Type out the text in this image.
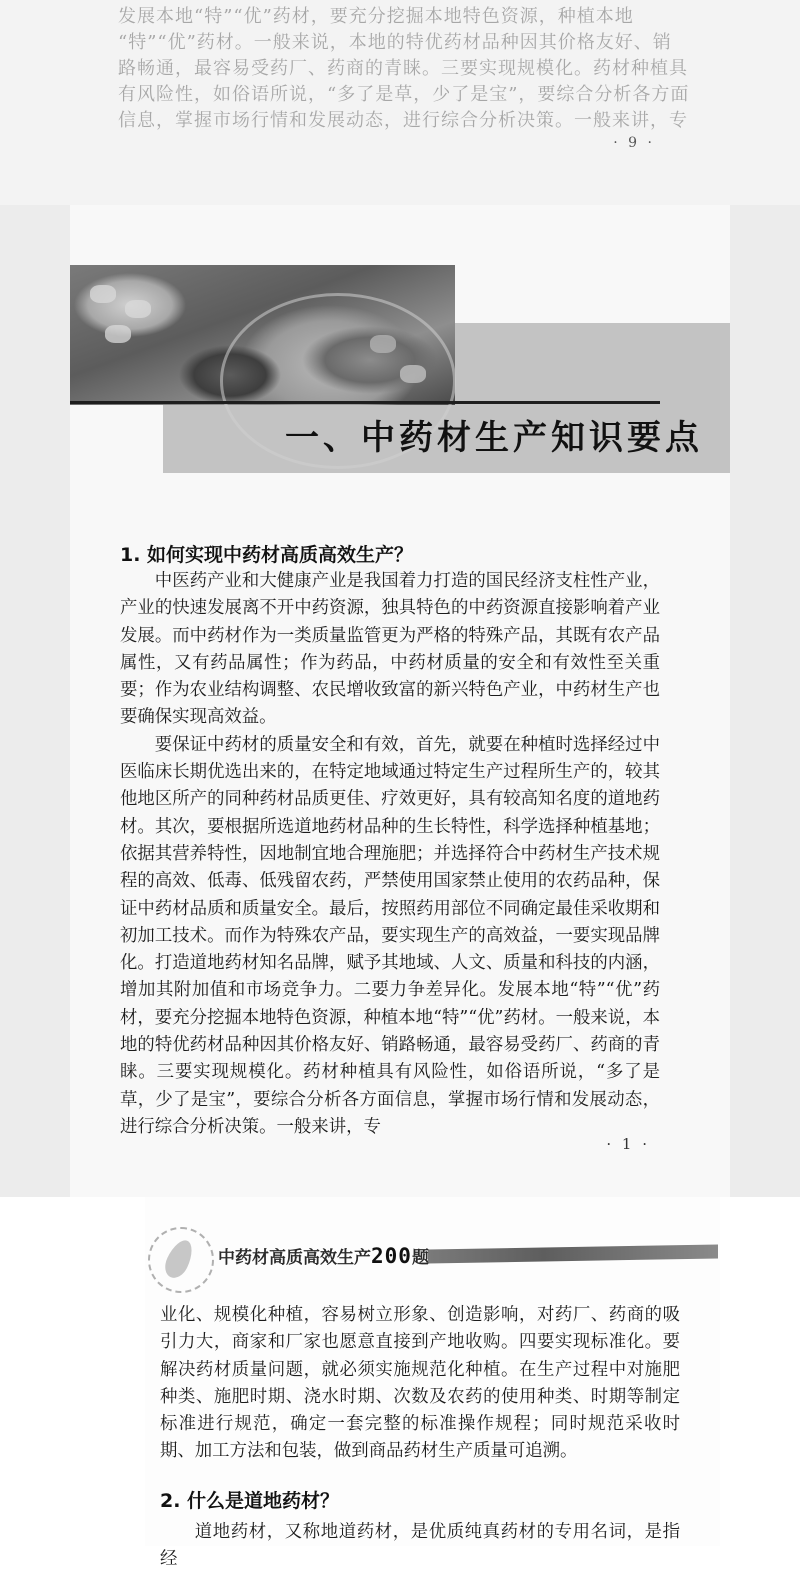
发展本地“特”“优”药材，要充分挖掘本地特色资源，种植本地
“特”“优”药材。一般来说，本地的特优药材品种因其价格友好、销
路畅通，最容易受药厂、药商的青睐。三要实现规模化。药材种植具
有风险性，如俗语所说，“多了是草，少了是宝”，要综合分析各方面
信息，掌握市场行情和发展动态，进行综合分析决策。一般来讲，专
· 9 ·
一、中药材生产知识要点
1. 如何实现中药材高质高效生产？

中医药产业和大健康产业是我国着力打造的国民经济支柱性产业，产业的快速发展离不开中药资源，独具特色的中药资源直接影响着产业发展。而中药材作为一类质量监管更为严格的特殊产品，其既有农产品属性，又有药品属性；作为药品，中药材质量的安全和有效性至关重要；作为农业结构调整、农民增收致富的新兴特色产业，中药材生产也要确保实现高效益。

要保证中药材的质量安全和有效，首先，就要在种植时选择经过中医临床长期优选出来的，在特定地域通过特定生产过程所生产的，较其他地区所产的同种药材品质更佳、疗效更好，具有较高知名度的道地药材。其次，要根据所选道地药材品种的生长特性，科学选择种植基地；依据其营养特性，因地制宜地合理施肥；并选择符合中药材生产技术规程的高效、低毒、低残留农药，严禁使用国家禁止使用的农药品种，保证中药材品质和质量安全。最后，按照药用部位不同确定最佳采收期和初加工技术。而作为特殊农产品，要实现生产的高效益，一要实现品牌化。打造道地药材知名品牌，赋予其地域、人文、质量和科技的内涵，增加其附加值和市场竞争力。二要力争差异化。发展本地“特”“优”药材，要充分挖掘本地特色资源，种植本地“特”“优”药材。一般来说，本地的特优药材品种因其价格友好、销路畅通，最容易受药厂、药商的青睐。三要实现规模化。药材种植具有风险性，如俗语所说，“多了是草，少了是宝”，要综合分析各方面信息，掌握市场行情和发展动态，进行综合分析决策。一般来讲，专

· 1 ·
中药材高质高效生产200题

业化、规模化种植，容易树立形象、创造影响，对药厂、药商的吸引力大，商家和厂家也愿意直接到产地收购。四要实现标准化。要解决药材质量问题，就必须实施规范化种植。在生产过程中对施肥种类、施肥时期、浇水时期、次数及农药的使用种类、时期等制定标准进行规范，确定一套完整的标准操作规程；同时规范采收时期、加工方法和包装，做到商品药材生产质量可追溯。

2. 什么是道地药材？

道地药材，又称地道药材，是优质纯真药材的专用名词，是指经
